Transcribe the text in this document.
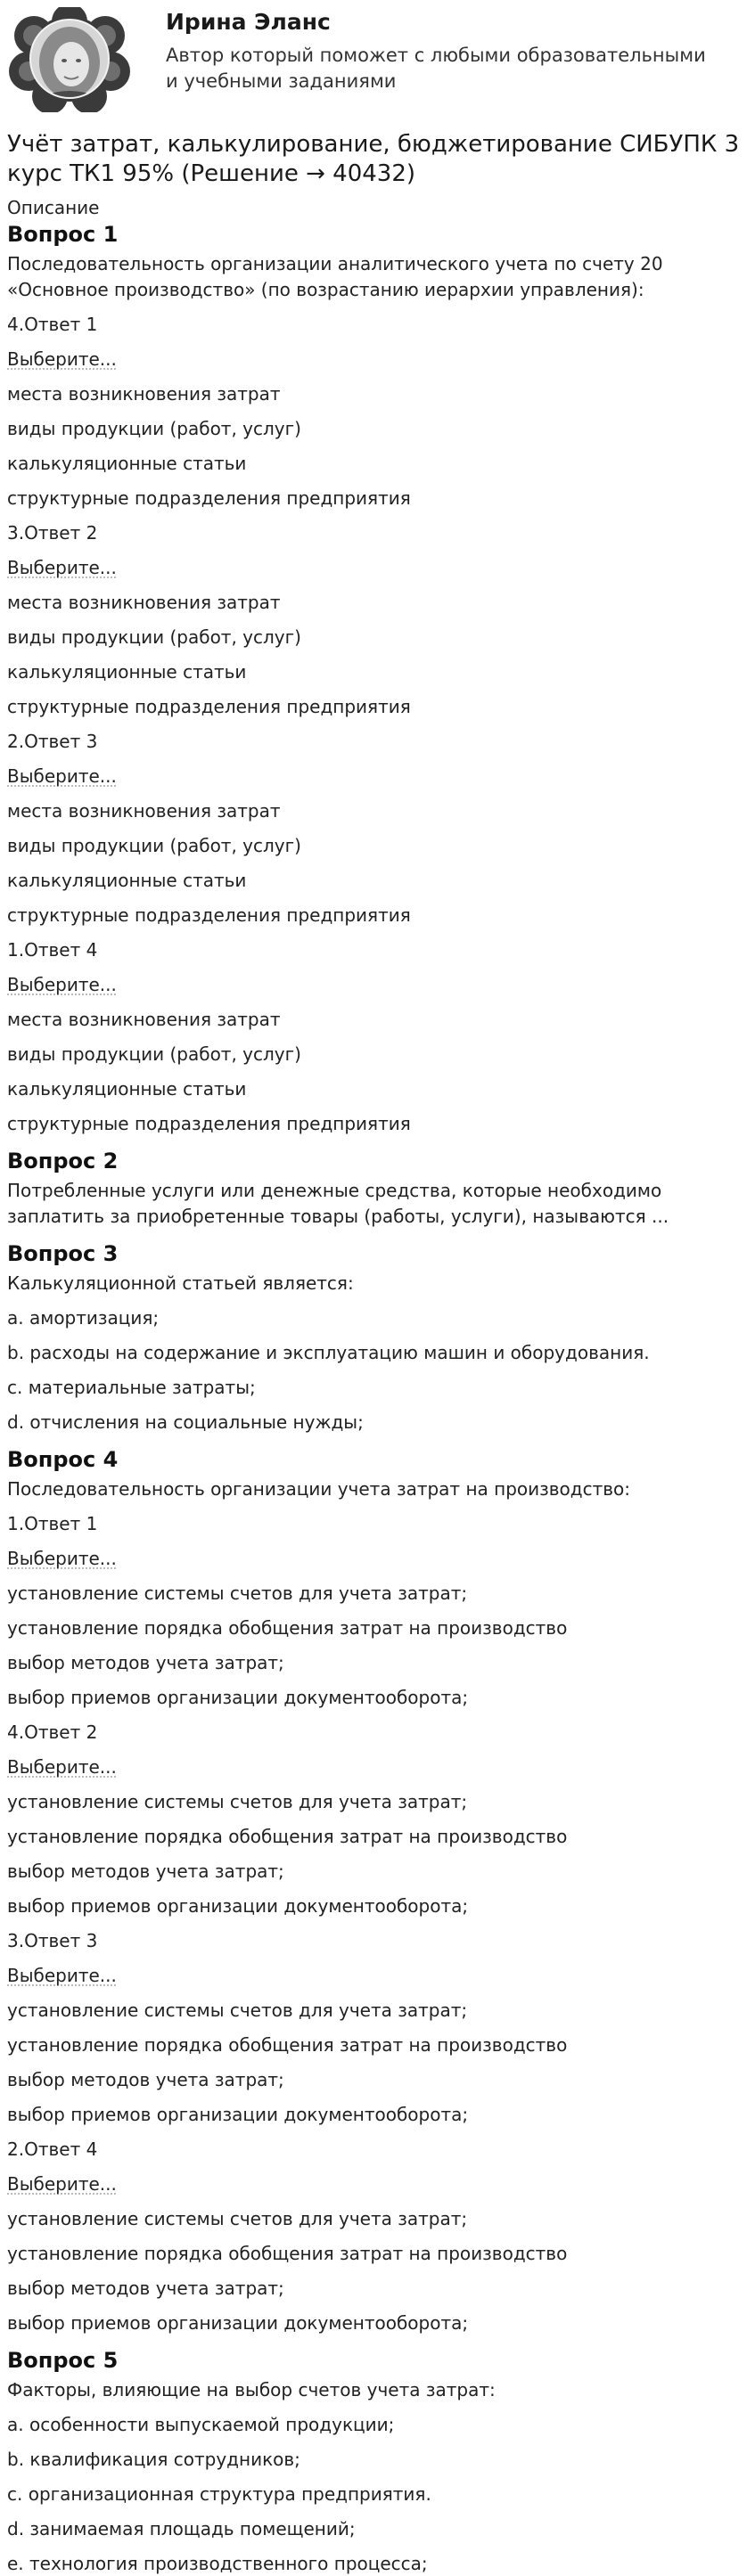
Ирина Эланс

Автор который поможет с любыми образовательными и учебными заданиями

Учёт затрат, калькулирование, бюджетирование СИБУПК 3 курс ТК1 95% (Решение → 40432)
Описание
Вопрос 1

Последовательность организации аналитического учета по счету 20 «Основное производство» (по возрастанию иерархии управления):

4.Ответ 1

Выберите...

места возникновения затрат

виды продукции (работ, услуг)

калькуляционные статьи

структурные подразделения предприятия

3.Ответ 2

Выберите...

места возникновения затрат

виды продукции (работ, услуг)

калькуляционные статьи

структурные подразделения предприятия

2.Ответ 3

Выберите...

места возникновения затрат

виды продукции (работ, услуг)

калькуляционные статьи

структурные подразделения предприятия

1.Ответ 4

Выберите...

места возникновения затрат

виды продукции (работ, услуг)

калькуляционные статьи

структурные подразделения предприятия

Вопрос 2

Потребленные услуги или денежные средства, которые необходимо заплатить за приобретенные товары (работы, услуги), называются ...

Вопрос 3

Калькуляционной статьей является:

a. амортизация;

b. расходы на содержание и эксплуатацию машин и оборудования.

c. материальные затраты;

d. отчисления на социальные нужды;

Вопрос 4

Последовательность организации учета затрат на производство:

1.Ответ 1

Выберите...

установление системы счетов для учета затрат;

установление порядка обобщения затрат на производство

выбор методов учета затрат;

выбор приемов организации документооборота;

4.Ответ 2

Выберите...

установление системы счетов для учета затрат;

установление порядка обобщения затрат на производство

выбор методов учета затрат;

выбор приемов организации документооборота;

3.Ответ 3

Выберите...

установление системы счетов для учета затрат;

установление порядка обобщения затрат на производство

выбор методов учета затрат;

выбор приемов организации документооборота;

2.Ответ 4

Выберите...

установление системы счетов для учета затрат;

установление порядка обобщения затрат на производство

выбор методов учета затрат;

выбор приемов организации документооборота;

Вопрос 5

Факторы, влияющие на выбор счетов учета затрат:

a. особенности выпускаемой продукции;

b. квалификация сотрудников;

c. организационная структура предприятия.

d. занимаемая площадь помещений;

e. технология производственного процесса;
